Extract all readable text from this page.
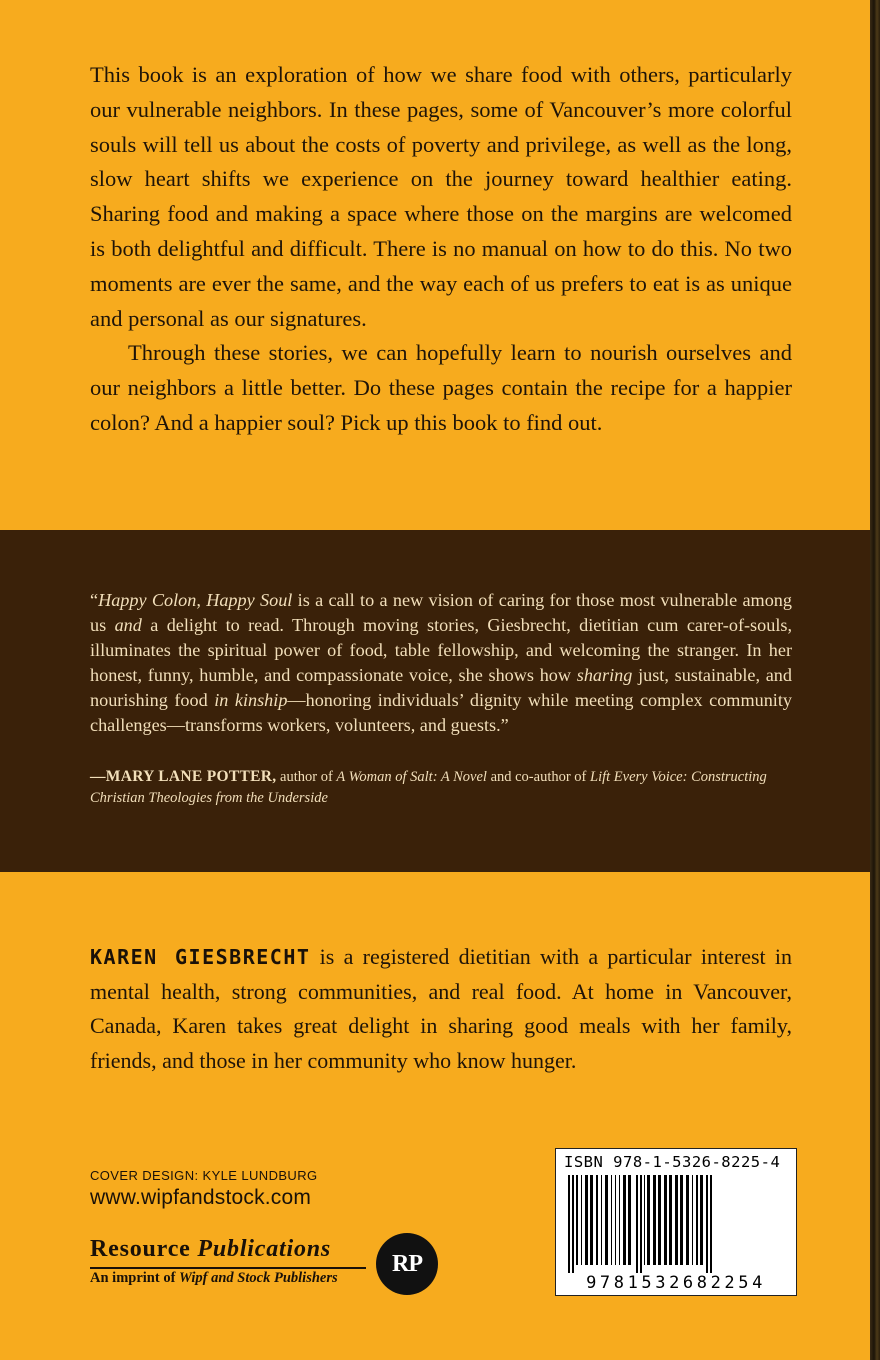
This book is an exploration of how we share food with others, particularly our vulnerable neighbors. In these pages, some of Vancouver’s more colorful souls will tell us about the costs of poverty and privilege, as well as the long, slow heart shifts we experience on the journey toward healthier eating. Sharing food and making a space where those on the margins are welcomed is both delightful and difficult. There is no manual on how to do this. No two moments are ever the same, and the way each of us prefers to eat is as unique and personal as our signatures.

Through these stories, we can hopefully learn to nourish ourselves and our neighbors a little better. Do these pages contain the recipe for a happier colon? And a happier soul? Pick up this book to find out.

“Happy Colon, Happy Soul is a call to a new vision of caring for those most vulnerable among us and a delight to read. Through moving stories, Giesbrecht, dietitian cum carer-of-souls, illuminates the spiritual power of food, table fellowship, and welcoming the stranger. In her honest, funny, humble, and compassionate voice, she shows how sharing just, sustainable, and nourishing food in kinship—honoring individuals’ dignity while meeting complex community challenges—transforms workers, volunteers, and guests.”

—MARY LANE POTTER, author of A Woman of Salt: A Novel and co-author of Lift Every Voice: Constructing Christian Theologies from the Underside

KAREN GIESBRECHT is a registered dietitian with a particular interest in mental health, strong communities, and real food. At home in Vancouver, Canada, Karen takes great delight in sharing good meals with her family, friends, and those in her community who know hunger.

COVER DESIGN: KYLE LUNDBURG
www.wipfandstock.com
Resource Publications
An imprint of Wipf and Stock Publishers
RP
ISBN 978-1-5326-8225-4
9781532682254
